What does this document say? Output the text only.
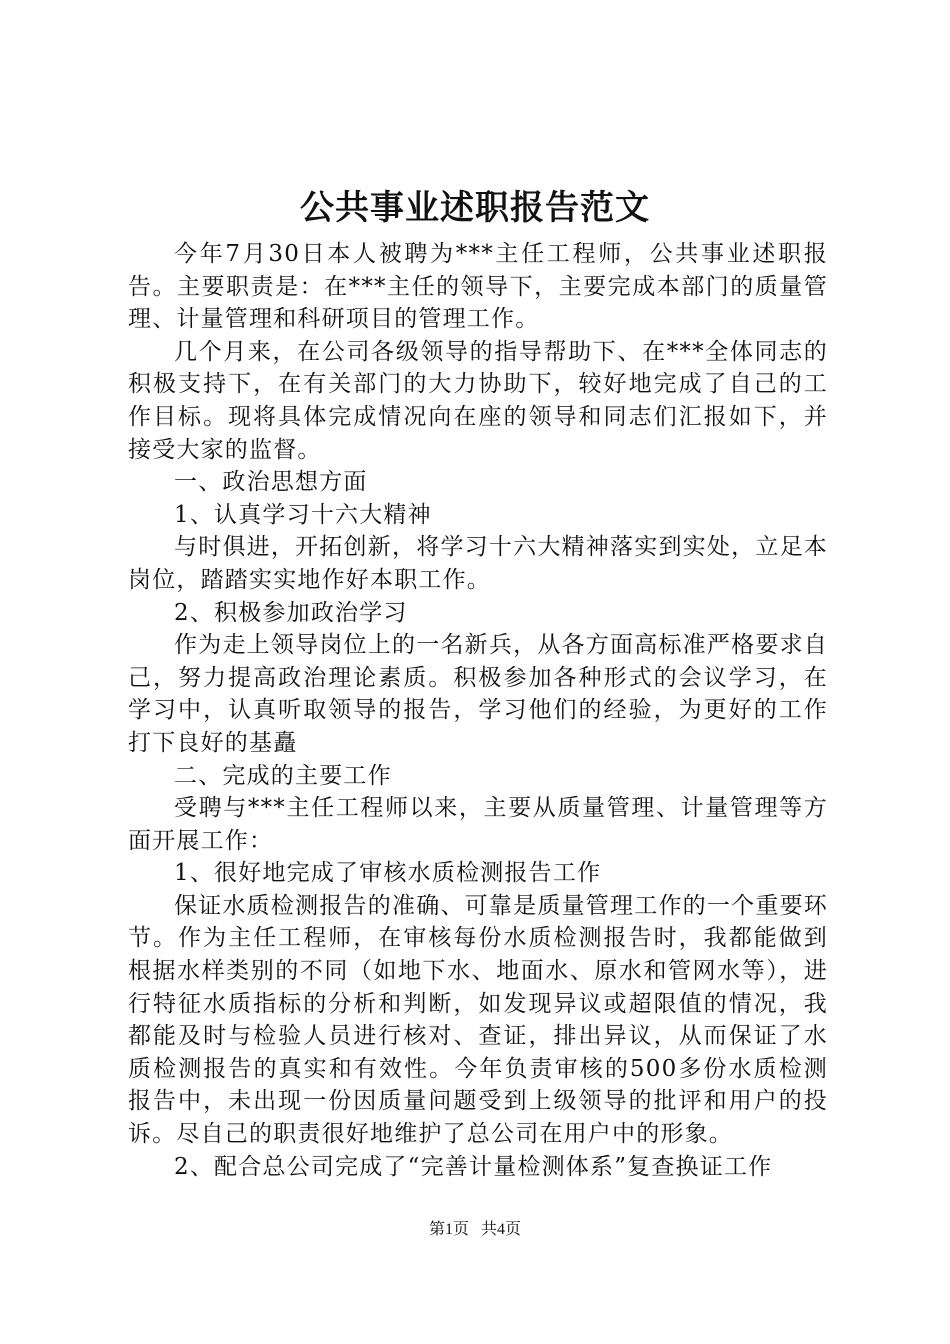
公共事业述职报告范文

今年7月30日本人被聘为***主任工程师，公共事业述职报告。主要职责是：在***主任的领导下，主要完成本部门的质量管理、计量管理和科研项目的管理工作。

几个月来，在公司各级领导的指导帮助下、在***全体同志的积极支持下，在有关部门的大力协助下，较好地完成了自己的工作目标。现将具体完成情况向在座的领导和同志们汇报如下，并接受大家的监督。

一、政治思想方面

1、认真学习十六大精神

与时俱进，开拓创新，将学习十六大精神落实到实处，立足本岗位，踏踏实实地作好本职工作。

2、积极参加政治学习

作为走上领导岗位上的一名新兵，从各方面高标准严格要求自己，努力提高政治理论素质。积极参加各种形式的会议学习，在学习中，认真听取领导的报告，学习他们的经验，为更好的工作打下良好的基矗

二、完成的主要工作

受聘与***主任工程师以来，主要从质量管理、计量管理等方面开展工作：

1、很好地完成了审核水质检测报告工作

保证水质检测报告的准确、可靠是质量管理工作的一个重要环节。作为主任工程师，在审核每份水质检测报告时，我都能做到根据水样类别的不同（如地下水、地面水、原水和管网水等），进行特征水质指标的分析和判断，如发现异议或超限值的情况，我都能及时与检验人员进行核对、查证，排出异议，从而保证了水质检测报告的真实和有效性。今年负责审核的500多份水质检测报告中，未出现一份因质量问题受到上级领导的批评和用户的投诉。尽自己的职责很好地维护了总公司在用户中的形象。

2、配合总公司完成了“完善计量检测体系”复查换证工作

第1页 共4页
